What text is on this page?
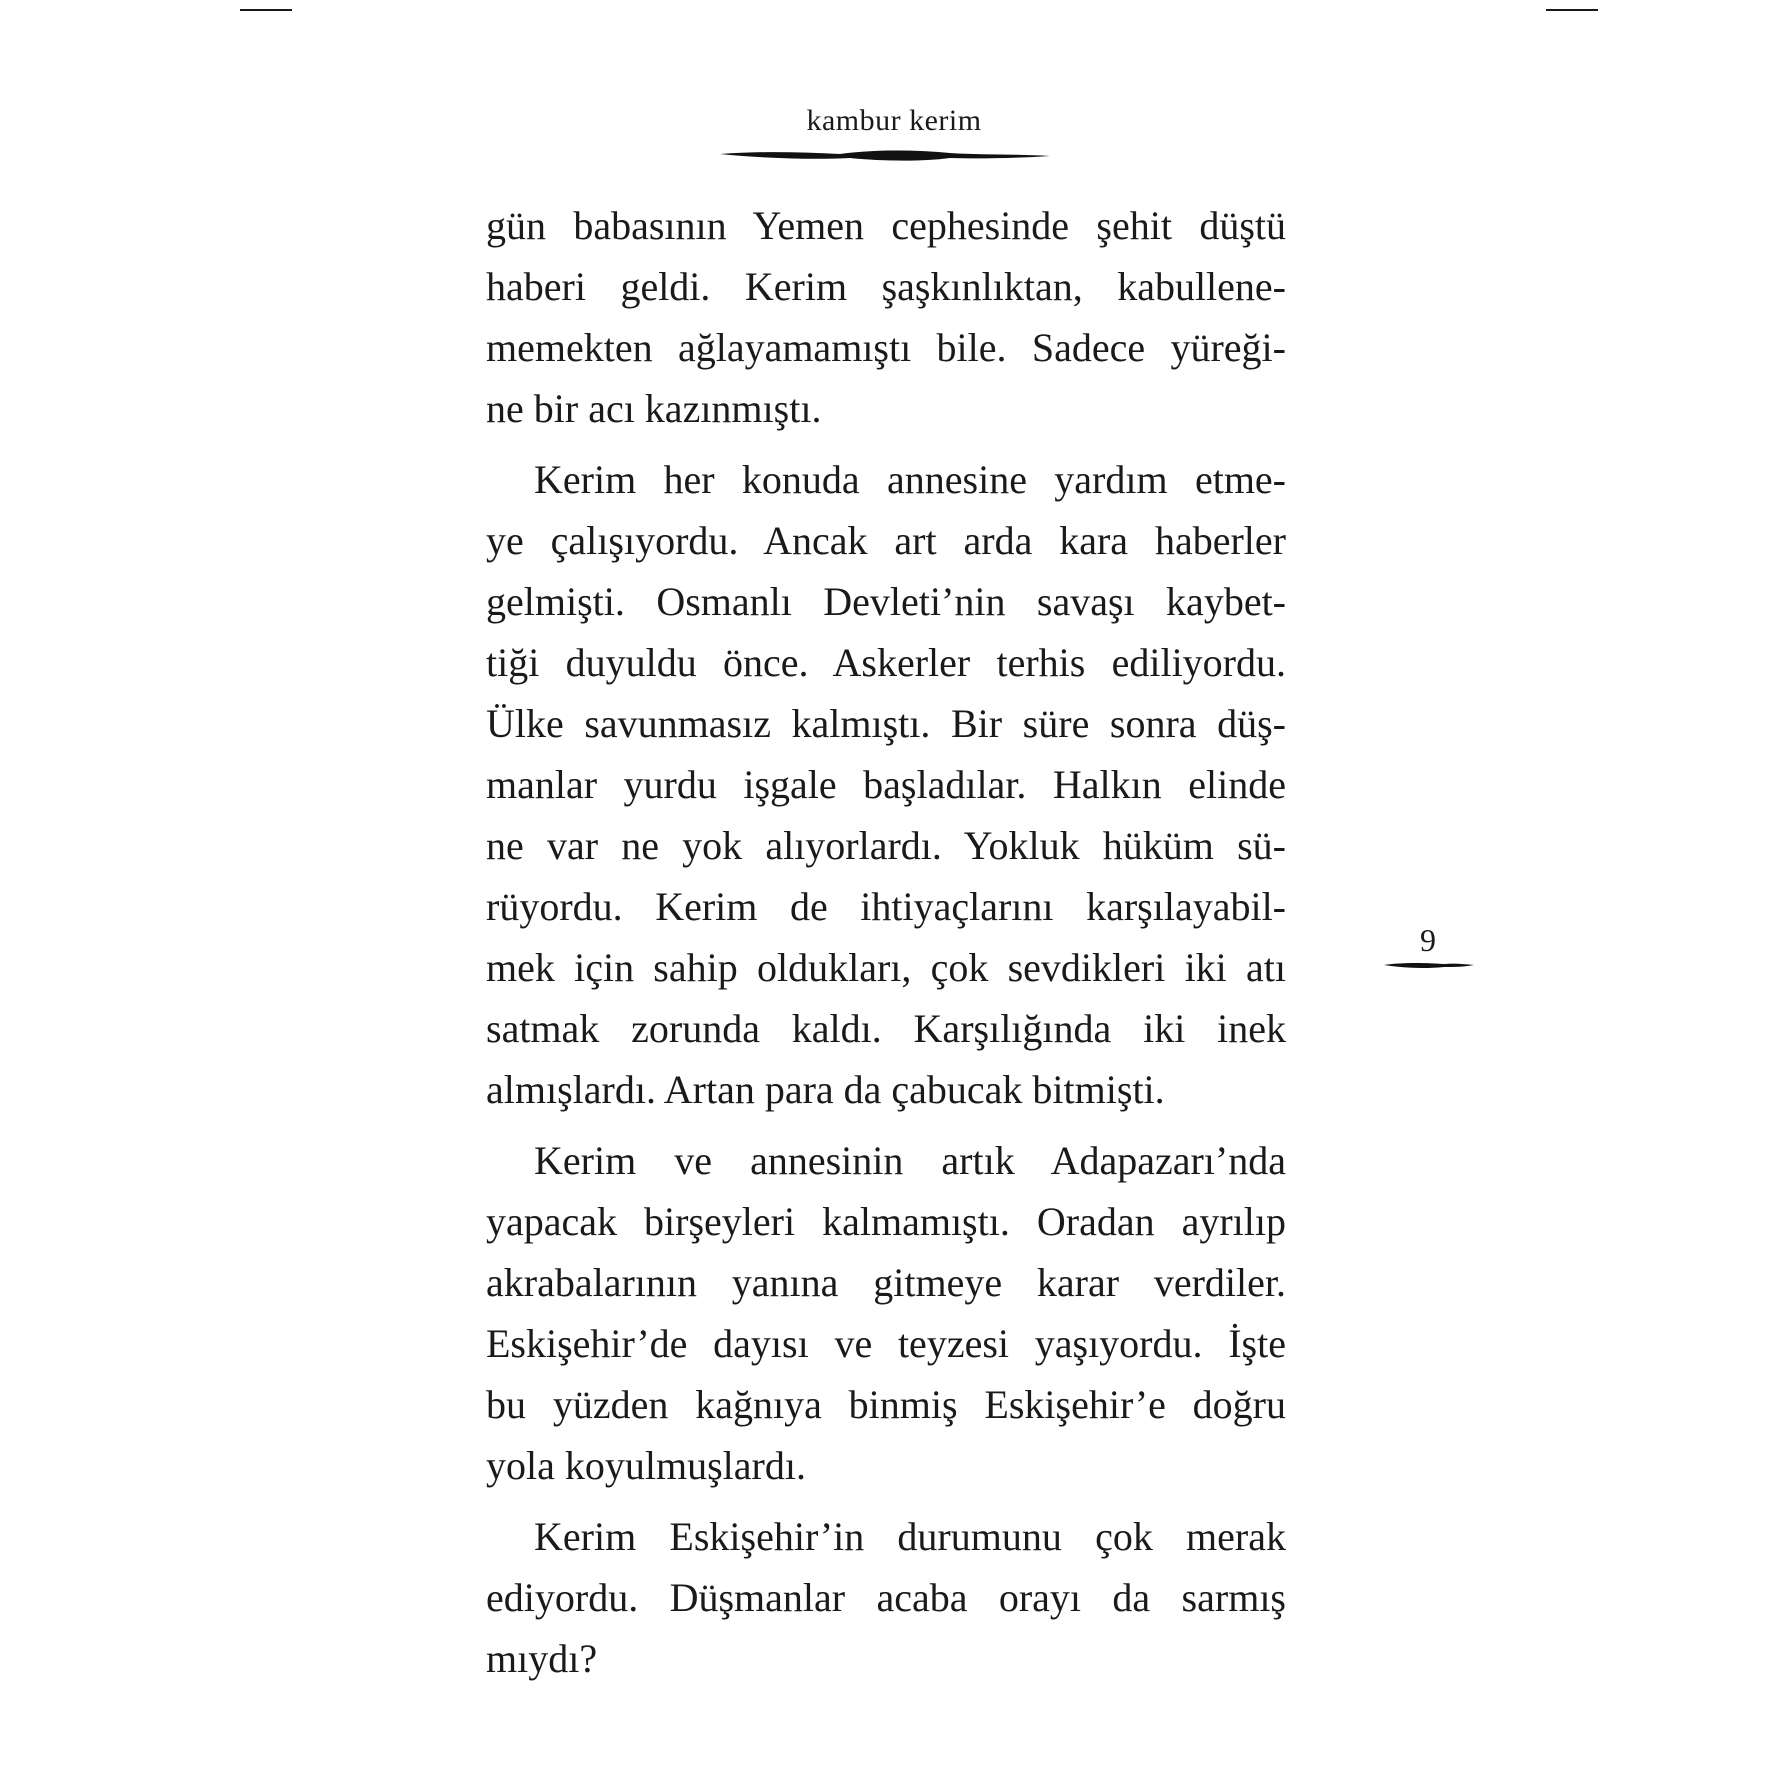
kambur kerim
gün babasının Yemen cephesinde şehit düştü
haberi geldi. Kerim şaşkınlıktan, kabullene-
memekten ağlayamamıştı bile. Sadece yüreği-
ne bir acı kazınmıştı.
Kerim her konuda annesine yardım etme-
ye çalışıyordu. Ancak art arda kara haberler
gelmişti. Osmanlı Devleti’nin savaşı kaybet-
tiği duyuldu önce. Askerler terhis ediliyordu.
Ülke savunmasız kalmıştı. Bir süre sonra düş-
manlar yurdu işgale başladılar. Halkın elinde
ne var ne yok alıyorlardı. Yokluk hüküm sü-
rüyordu. Kerim de ihtiyaçlarını karşılayabil-
mek için sahip oldukları, çok sevdikleri iki atı
satmak zorunda kaldı. Karşılığında iki inek
almışlardı. Artan para da çabucak bitmişti.
Kerim ve annesinin artık Adapazarı’nda
yapacak birşeyleri kalmamıştı. Oradan ayrılıp
akrabalarının yanına gitmeye karar verdiler.
Eskişehir’de dayısı ve teyzesi yaşıyordu. İşte
bu yüzden kağnıya binmiş Eskişehir’e doğru
yola koyulmuşlardı.
Kerim Eskişehir’in durumunu çok merak
ediyordu. Düşmanlar acaba orayı da sarmış
mıydı?
9
